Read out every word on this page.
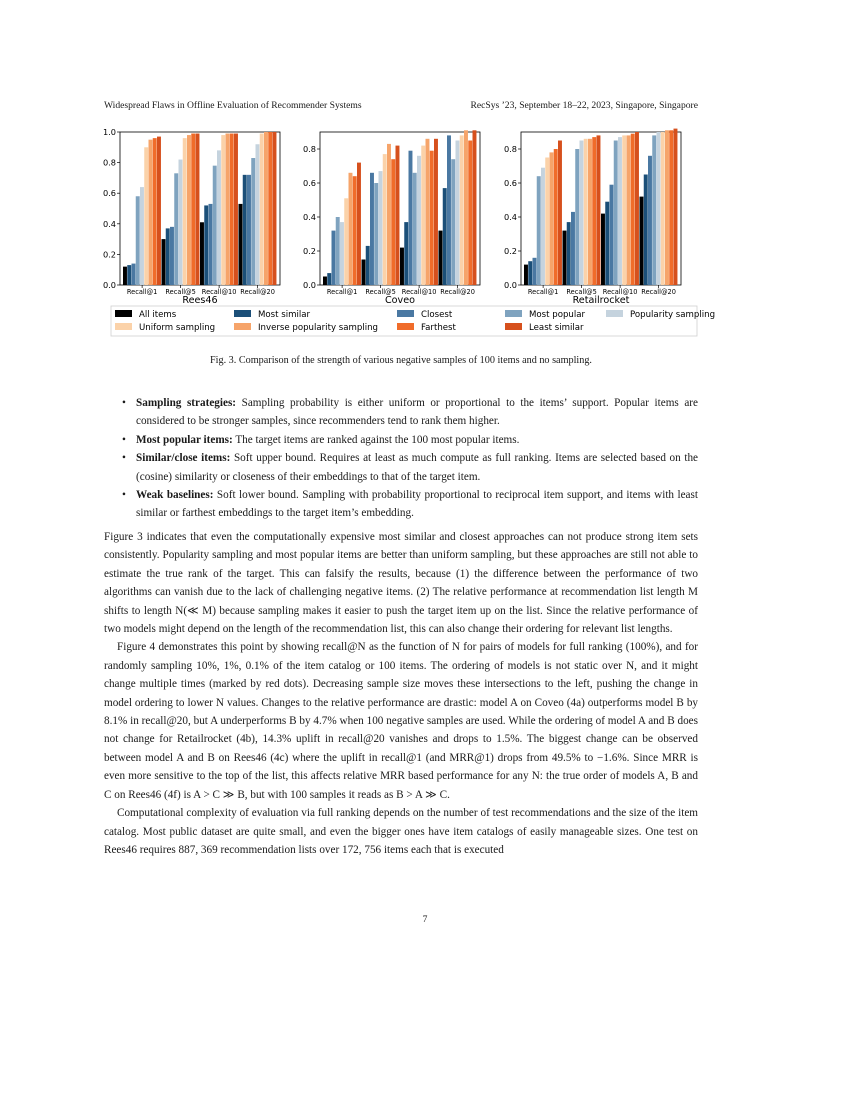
Widespread Flaws in Offline Evaluation of Recommender Systems	RecSys ’23, September 18–22, 2023, Singapore, Singapore
0.0
0.2
0.4
0.6
0.8
1.0
Recall@1 Recall@5 Recall@10 Recall@20
Rees46
0.0
0.2
0.4
0.6
0.8
Recall@1 Recall@5 Recall@10 Recall@20
Coveo
0.0
0.2
0.4
0.6
0.8
Recall@1 Recall@5 Recall@10 Recall@20
Retailrocket
All items	Most similar	Closest	Most popular	Popularity sampling
Uniform sampling	Inverse popularity sampling	Farthest	Least similar
Fig. 3. Comparison of the strength of various negative samples of 100 items and no sampling.
• Sampling strategies: Sampling probability is either uniform or proportional to the items’ support. Popular items are considered to be stronger samples, since recommenders tend to rank them higher.
• Most popular items: The target items are ranked against the 100 most popular items.
• Similar/close items: Soft upper bound. Requires at least as much compute as full ranking. Items are selected based on the (cosine) similarity or closeness of their embeddings to that of the target item.
• Weak baselines: Soft lower bound. Sampling with probability proportional to reciprocal item support, and items with least similar or farthest embeddings to the target item’s embedding.

Figure 3 indicates that even the computationally expensive most similar and closest approaches can not produce strong item sets consistently. Popularity sampling and most popular items are better than uniform sampling, but these approaches are still not able to estimate the true rank of the target. This can falsify the results, because (1) the difference between the performance of two algorithms can vanish due to the lack of challenging negative items. (2) The relative performance at recommendation list length M shifts to length N(≪ M) because sampling makes it easier to push the target item up on the list. Since the relative performance of two models might depend on the length of the recommendation list, this can also change their ordering for relevant list lengths.

Figure 4 demonstrates this point by showing recall@N as the function of N for pairs of models for full ranking (100%), and for randomly sampling 10%, 1%, 0.1% of the item catalog or 100 items. The ordering of models is not static over N, and it might change multiple times (marked by red dots). Decreasing sample size moves these intersections to the left, pushing the change in model ordering to lower N values. Changes to the relative performance are drastic: model A on Coveo (4a) outperforms model B by 8.1% in recall@20, but A underperforms B by 4.7% when 100 negative samples are used. While the ordering of model A and B does not change for Retailrocket (4b), 14.3% uplift in recall@20 vanishes and drops to 1.5%. The biggest change can be observed between model A and B on Rees46 (4c) where the uplift in recall@1 (and MRR@1) drops from 49.5% to −1.6%. Since MRR is even more sensitive to the top of the list, this affects relative MRR based performance for any N: the true order of models A, B and C on Rees46 (4f) is A > C ≫ B, but with 100 samples it reads as B > A ≫ C.

Computational complexity of evaluation via full ranking depends on the number of test recommendations and the size of the item catalog. Most public dataset are quite small, and even the bigger ones have item catalogs of easily manageable sizes. One test on Rees46 requires 887, 369 recommendation lists over 172, 756 items each that is executed

7
